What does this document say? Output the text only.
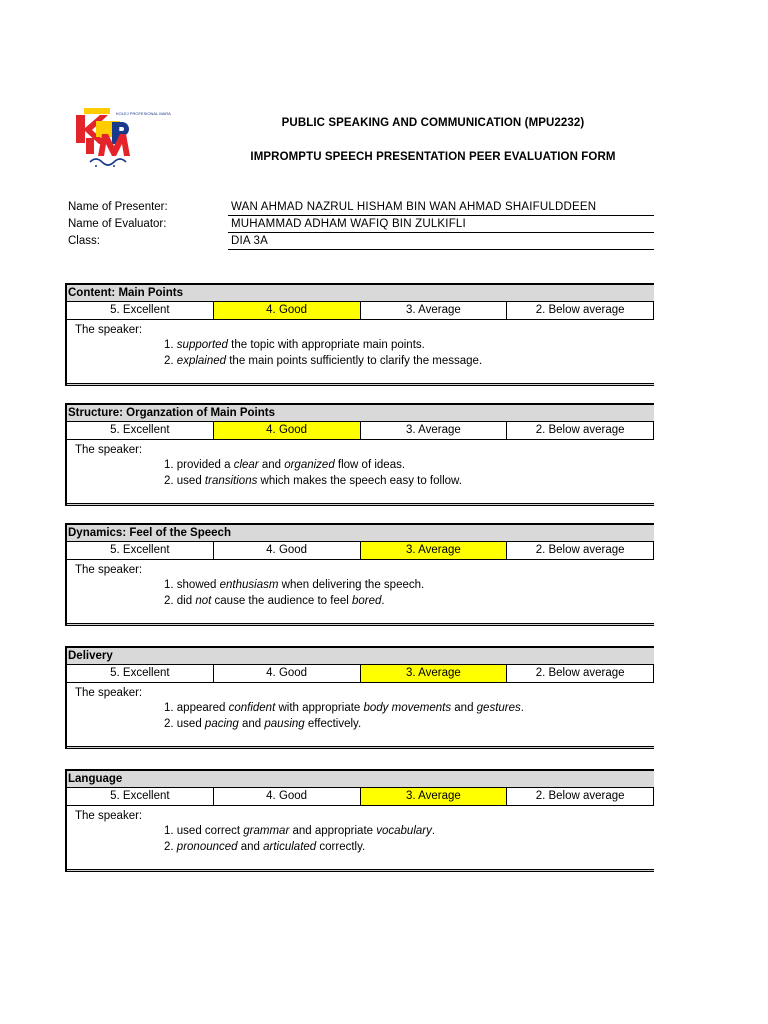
KOLEJ PROFESIONAL MARA
PUBLIC SPEAKING AND COMMUNICATION (MPU2232)
IMPROMPTU SPEECH PRESENTATION PEER EVALUATION FORM
Name of Presenter:	WAN AHMAD NAZRUL HISHAM BIN WAN AHMAD SHAIFULDDEEN
Name of Evaluator:	MUHAMMAD ADHAM WAFIQ BIN ZULKIFLI
Class:	DIA 3A
Content: Main Points
5. Excellent	4. Good	3. Average	2. Below average
The speaker:
1. supported the topic with appropriate main points.
2. explained the main points sufficiently to clarify the message.
Structure: Organzation of Main Points
5. Excellent	4. Good	3. Average	2. Below average
The speaker:
1. provided a clear and organized flow of ideas.
2. used transitions which makes the speech easy to follow.
Dynamics: Feel of the Speech
5. Excellent	4. Good	3. Average	2. Below average
The speaker:
1. showed enthusiasm when delivering the speech.
2. did not cause the audience to feel bored.
Delivery
5. Excellent	4. Good	3. Average	2. Below average
The speaker:
1. appeared confident with appropriate body movements and gestures.
2. used pacing and pausing effectively.
Language
5. Excellent	4. Good	3. Average	2. Below average
The speaker:
1. used correct grammar and appropriate vocabulary.
2. pronounced and articulated correctly.
